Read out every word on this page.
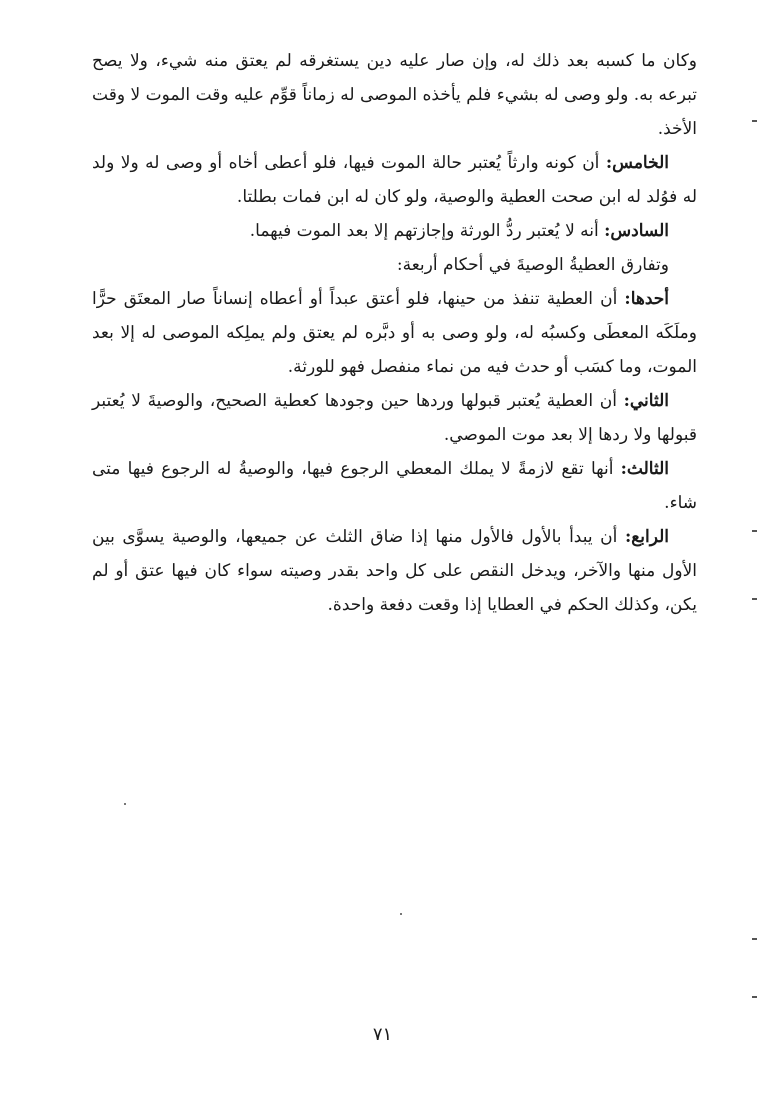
وكان ما كسبه بعد ذلك له، وإن صار عليه دين يستغرقه لم يعتق منه شيء، ولا يصح تبرعه به. ولو وصى له بشيء فلم يأخذه الموصى له زماناً قوِّم عليه وقت الموت لا وقت الأخذ.

الخامس: أن كونه وارثاً يُعتبر حالة الموت فيها، فلو أعطى أخاه أو وصى له ولا ولد له فوُلد له ابن صحت العطية والوصية، ولو كان له ابن فمات بطلتا.

السادس: أنه لا يُعتبر ردُّ الورثة وإجازتهم إلا بعد الموت فيهما.

وتفارق العطيةُ الوصيةَ في أحكام أربعة:

أحدها: أن العطية تنفذ من حينها، فلو أعتق عبداً أو أعطاه إنساناً صار المعتَق حرًّا وملَكَه المعطَى وكسبُه له، ولو وصى به أو دبَّره لم يعتق ولم يملِكه الموصى له إلا بعد الموت، وما كسَب أو حدث فيه من نماء منفصل فهو للورثة.

الثاني: أن العطية يُعتبر قبولها وردها حين وجودها كعطية الصحيح، والوصيةَ لا يُعتبر قبولها ولا ردها إلا بعد موت الموصي.

الثالث: أنها تقع لازمةً لا يملك المعطي الرجوع فيها، والوصيةُ له الرجوع فيها متى شاء.

الرابع: أن يبدأ بالأول فالأول منها إذا ضاق الثلث عن جميعها، والوصية يسوَّى بين الأول منها والآخر، ويدخل النقص على كل واحد بقدر وصيته سواء كان فيها عتق أو لم يكن، وكذلك الحكم في العطايا إذا وقعت دفعة واحدة.

٧١
